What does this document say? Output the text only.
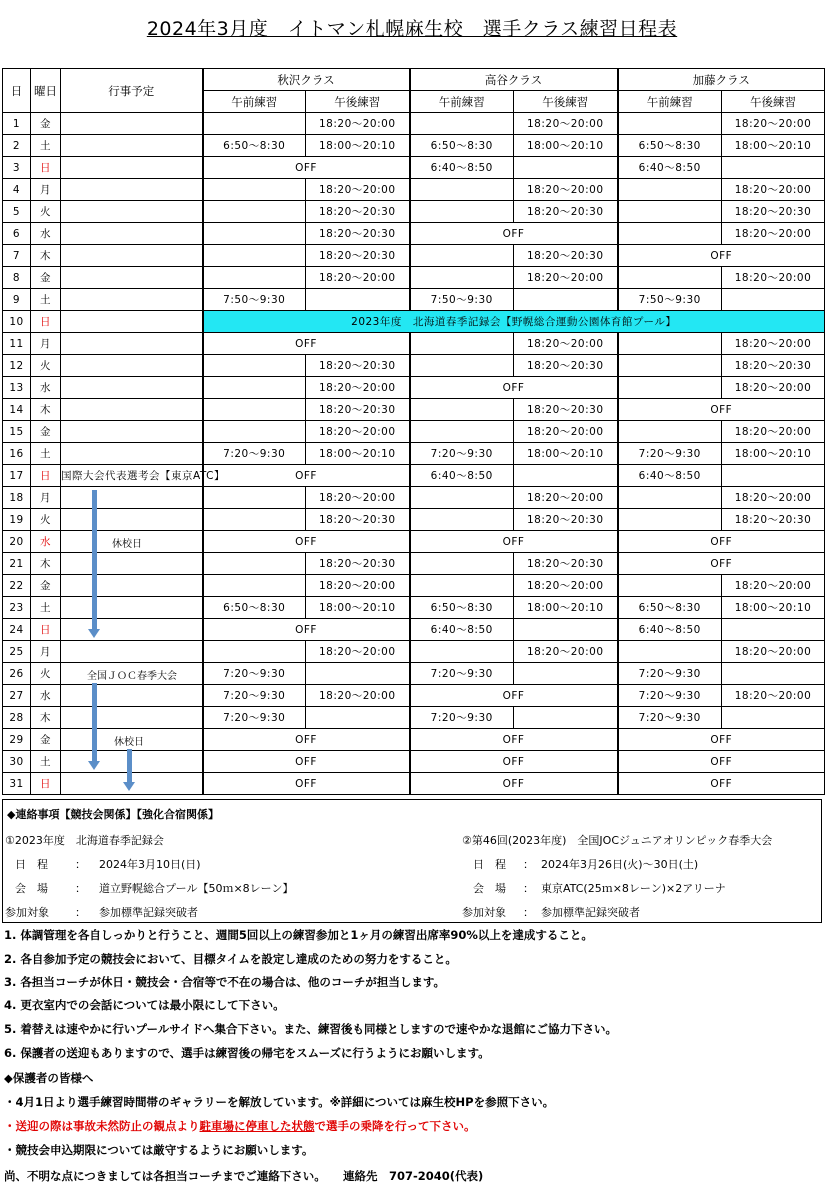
2024年3月度　イトマン札幌麻生校　選手クラス練習日程表
日	曜日	行事予定	秋沢クラス		高谷クラス		加藤クラス	
			午前練習	午後練習	午前練習	午後練習	午前練習	午後練習
1	金			18:20～20:00		18:20～20:00		18:20～20:00
2	土		6:50～8:30	18:00～20:10	6:50～8:30	18:00～20:10	6:50～8:30	18:00～20:10
3	日		OFF		6:40～8:50		6:40～8:50	
4	月			18:20～20:00		18:20～20:00		18:20～20:00
5	火			18:20～20:30		18:20～20:30		18:20～20:30
6	水			18:20～20:30	OFF			18:20～20:00
7	木			18:20～20:30		18:20～20:30	OFF	
8	金			18:20～20:00		18:20～20:00		18:20～20:00
9	土		7:50～9:30		7:50～9:30		7:50～9:30	
10	日		2023年度　北海道春季記録会【野幌総合運動公園体育館プール】					
11	月		OFF			18:20～20:00		18:20～20:00
12	火			18:20～20:30		18:20～20:30		18:20～20:30
13	水			18:20～20:00	OFF			18:20～20:00
14	木			18:20～20:30		18:20～20:30	OFF	
15	金			18:20～20:00		18:20～20:00		18:20～20:00
16	土		7:20～9:30	18:00～20:10	7:20～9:30	18:00～20:10	7:20～9:30	18:00～20:10
17	日	国際大会代表選考会【東京ATC】	OFF		6:40～8:50		6:40～8:50	
18	月			18:20～20:00		18:20～20:00		18:20～20:00
19	火			18:20～20:30		18:20～20:30		18:20～20:30
20	水		OFF		OFF		OFF	
21	木			18:20～20:30		18:20～20:30	OFF	
22	金			18:20～20:00		18:20～20:00		18:20～20:00
23	土		6:50～8:30	18:00～20:10	6:50～8:30	18:00～20:10	6:50～8:30	18:00～20:10
24	日		OFF		6:40～8:50		6:40～8:50	
25	月			18:20～20:00		18:20～20:00		18:20～20:00
26	火		7:20～9:30		7:20～9:30		7:20～9:30	
27	水		7:20～9:30	18:20～20:00	OFF		7:20～9:30	18:20～20:00
28	木		7:20～9:30		7:20～9:30		7:20～9:30	
29	金		OFF		OFF		OFF	
30	土		OFF		OFF		OFF	
31	日		OFF		OFF		OFF	
休校日
全国ＪＯＣ春季大会
休校日
◆連絡事項【競技会関係】【強化合宿関係】
①2023年度　北海道春季記録会
日　程 ： 2024年3月10日(日)
会　場 ： 道立野幌総合プール【50ｍ×8レーン】
参加対象 ： 参加標準記録突破者
②第46回(2023年度)　全国JOCジュニアオリンピック春季大会
日　程 ： 2024年3月26日(火)～30日(土)
会　場 ： 東京ATC(25ｍ×8レーン)×2アリーナ
参加対象 ： 参加標準記録突破者
1. 体調管理を各自しっかりと行うこと、週間5回以上の練習参加と1ヶ月の練習出席率90%以上を達成すること。
2. 各自参加予定の競技会において、目標タイムを設定し達成のための努力をすること。
3. 各担当コーチが休日・競技会・合宿等で不在の場合は、他のコーチが担当します。
4. 更衣室内での会話については最小限にして下さい。
5. 着替えは速やかに行いプールサイドへ集合下さい。また、練習後も同様としますので速やかな退館にご協力下さい。
6. 保護者の送迎もありますので、選手は練習後の帰宅をスムーズに行うようにお願いします。
◆保護者の皆様へ
・4月1日より選手練習時間帯のギャラリーを解放しています。※詳細については麻生校HPを参照下さい。
・送迎の際は事故未然防止の観点より駐車場に停車した状態で選手の乗降を行って下さい。
・競技会申込期限については厳守するようにお願いします。
尚、不明な点につきましては各担当コーチまでご連絡下さい。　　連絡先　707-2040(代表)
